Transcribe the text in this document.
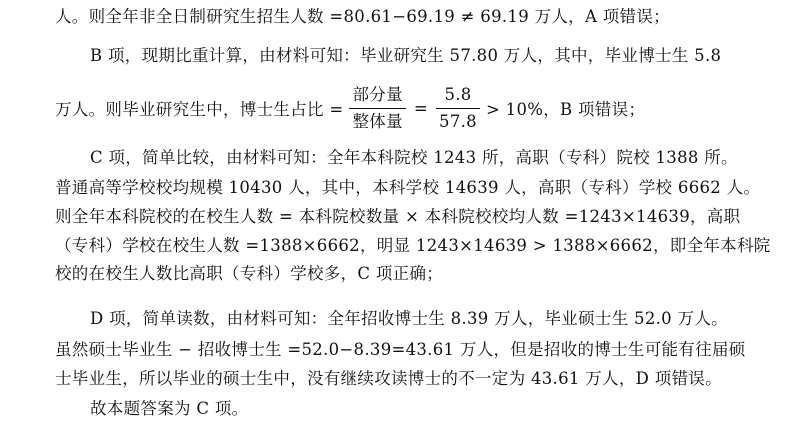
人。则全年非全日制研究生招生人数 =80.61−69.19 ≠ 69.19 万人，A 项错误；
B 项，现期比重计算，由材料可知：毕业研究生 57.80 万人，其中，毕业博士生 5.8
万人。则毕业研究生中，博士生占比 = $\frac{\text{部分量}}{\text{整体量}} = \frac{5.8}{57.8} > 10\%$，B 项错误；
C 项，简单比较，由材料可知：全年本科院校 1243 所，高职（专科）院校 1388 所。
普通高等学校校均规模 10430 人，其中，本科学校 14639 人，高职（专科）学校 6662 人。
则全年本科院校的在校生人数 = 本科院校数量 × 本科院校校均人数 =1243×14639，高职
（专科）学校在校生人数 =1388×6662，明显 1243×14639 > 1388×6662，即全年本科院
校的在校生人数比高职（专科）学校多，C 项正确；
D 项，简单读数，由材料可知：全年招收博士生 8.39 万人，毕业硕士生 52.0 万人。
虽然硕士毕业生 − 招收博士生 =52.0−8.39=43.61 万人，但是招收的博士生可能有往届硕
士毕业生，所以毕业的硕士生中，没有继续攻读博士的不一定为 43.61 万人，D 项错误。
故本题答案为 C 项。
